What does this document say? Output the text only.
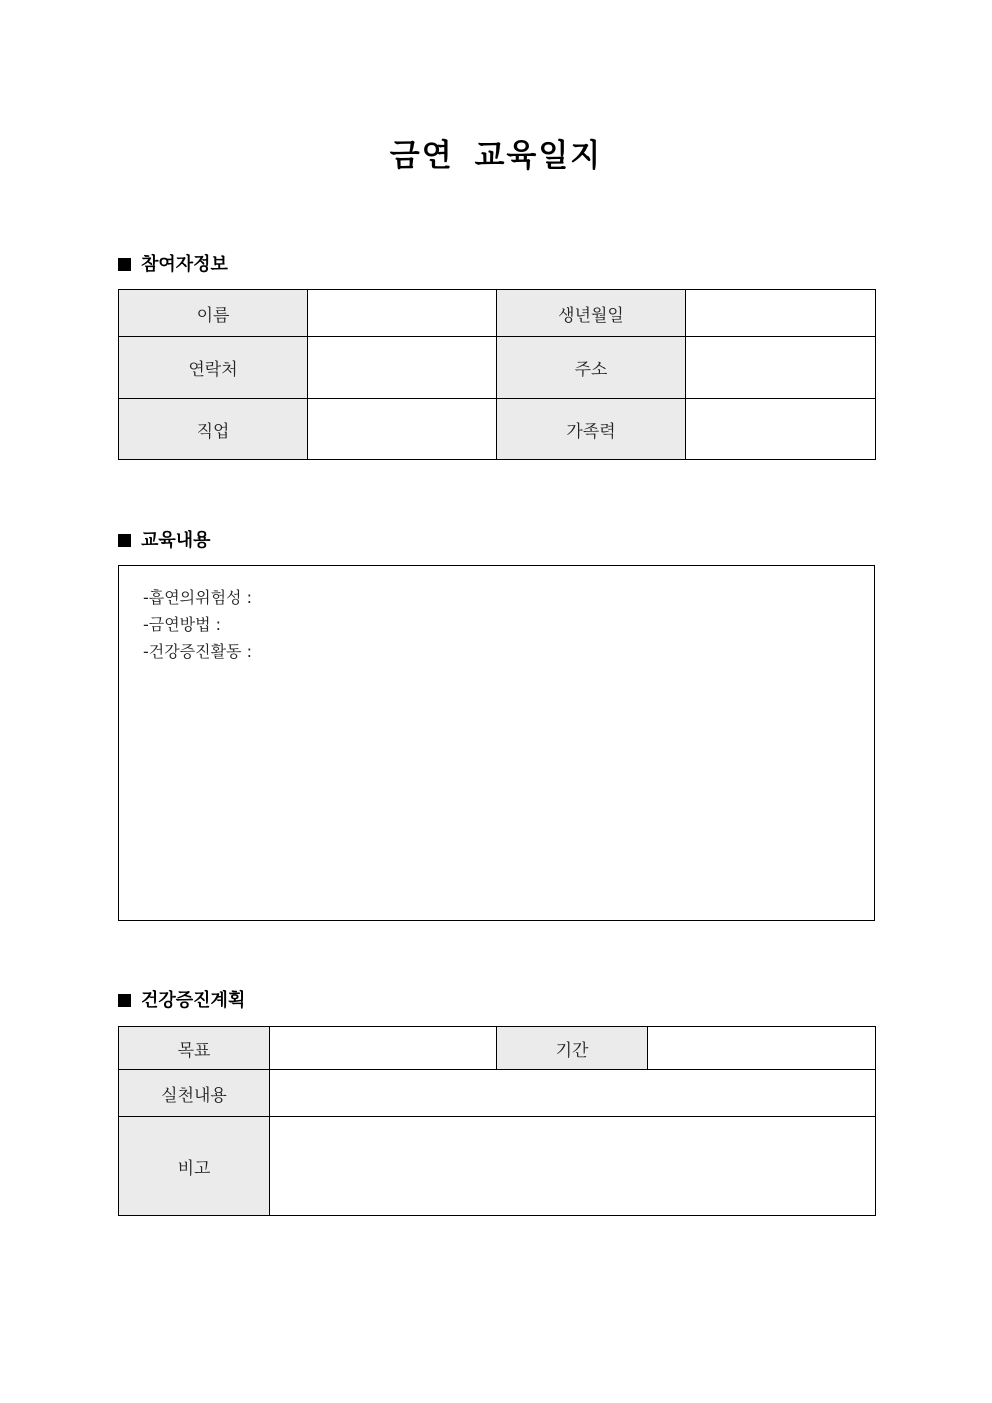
금연 교육일지
참여자정보
이름		생년월일	
연락처		주소	
직업		가족력	
교육내용
-흡연의위험성 :
-금연방법 :
-건강증진활동 :
건강증진계획
목표		기간	
실천내용			
비고			
